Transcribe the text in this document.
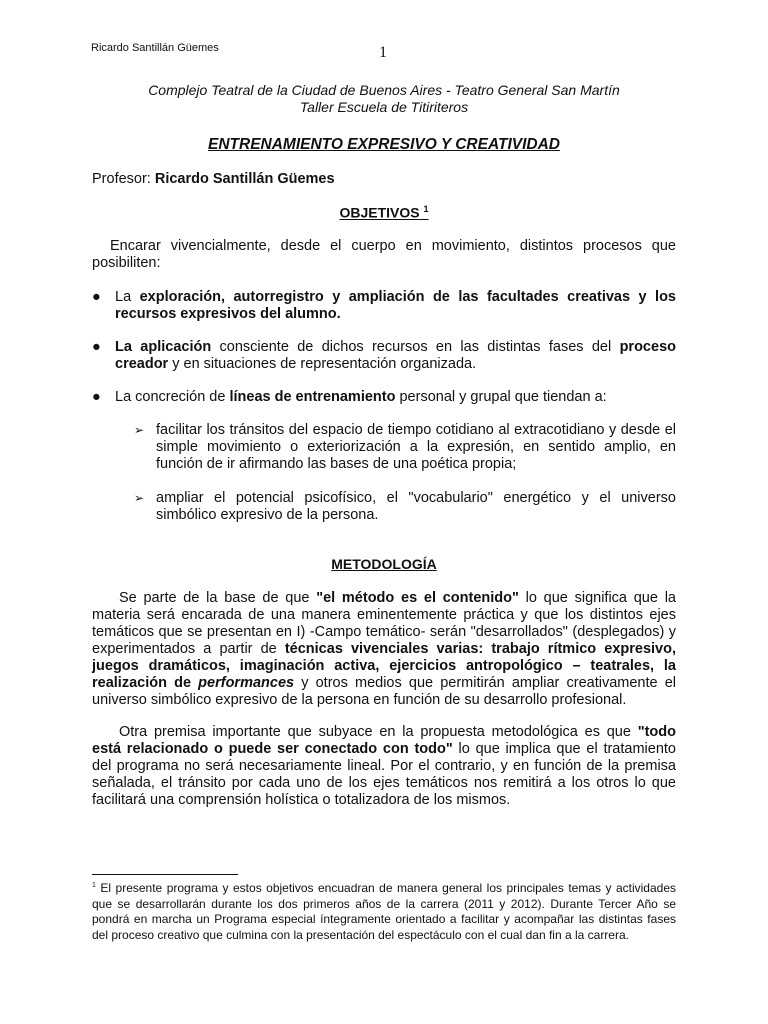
Ricardo Santillán Güemes	1
Complejo Teatral de la Ciudad de Buenos Aires - Teatro General San Martín
Taller Escuela de Titiriteros
ENTRENAMIENTO EXPRESIVO Y CREATIVIDAD
Profesor: Ricardo Santillán Güemes
OBJETIVOS $^1$
Encarar vivencialmente, desde el cuerpo en movimiento, distintos procesos que posibiliten:
● La exploración, autorregistro y ampliación de las facultades creativas y los recursos expresivos del alumno.
● La aplicación consciente de dichos recursos en las distintas fases del proceso creador y en situaciones de representación organizada.
● La concreción de líneas de entrenamiento personal y grupal que tiendan a:
➢ facilitar los tránsitos del espacio de tiempo cotidiano al extracotidiano y desde el simple movimiento o exteriorización a la expresión, en sentido amplio, en función de ir afirmando las bases de una poética propia;
➢ ampliar el potencial psicofísico, el "vocabulario" energético y el universo simbólico expresivo de la persona.
METODOLOGÍA
Se parte de la base de que "el método es el contenido" lo que significa que la materia será encarada de una manera eminentemente práctica y que los distintos ejes temáticos que se presentan en I) -Campo temático- serán "desarrollados" (desplegados) y experimentados a partir de técnicas vivenciales varias: trabajo rítmico expresivo, juegos dramáticos, imaginación activa, ejercicios antropológico – teatrales, la realización de performances y otros medios que permitirán ampliar creativamente el universo simbólico expresivo de la persona en función de su desarrollo profesional.
Otra premisa importante que subyace en la propuesta metodológica es que "todo está relacionado o puede ser conectado con todo" lo que implica que el tratamiento del programa no será necesariamente lineal. Por el contrario, y en función de la premisa señalada, el tránsito por cada uno de los ejes temáticos nos remitirá a los otros lo que facilitará una comprensión holística o totalizadora de los mismos.
$^1$ El presente programa y estos objetivos encuadran de manera general los principales temas y actividades que se desarrollarán durante los dos primeros años de la carrera (2011 y 2012). Durante Tercer Año se pondrá en marcha un Programa especial íntegramente orientado a facilitar y acompañar las distintas fases del proceso creativo que culmina con la presentación del espectáculo con el cual dan fin a la carrera.
